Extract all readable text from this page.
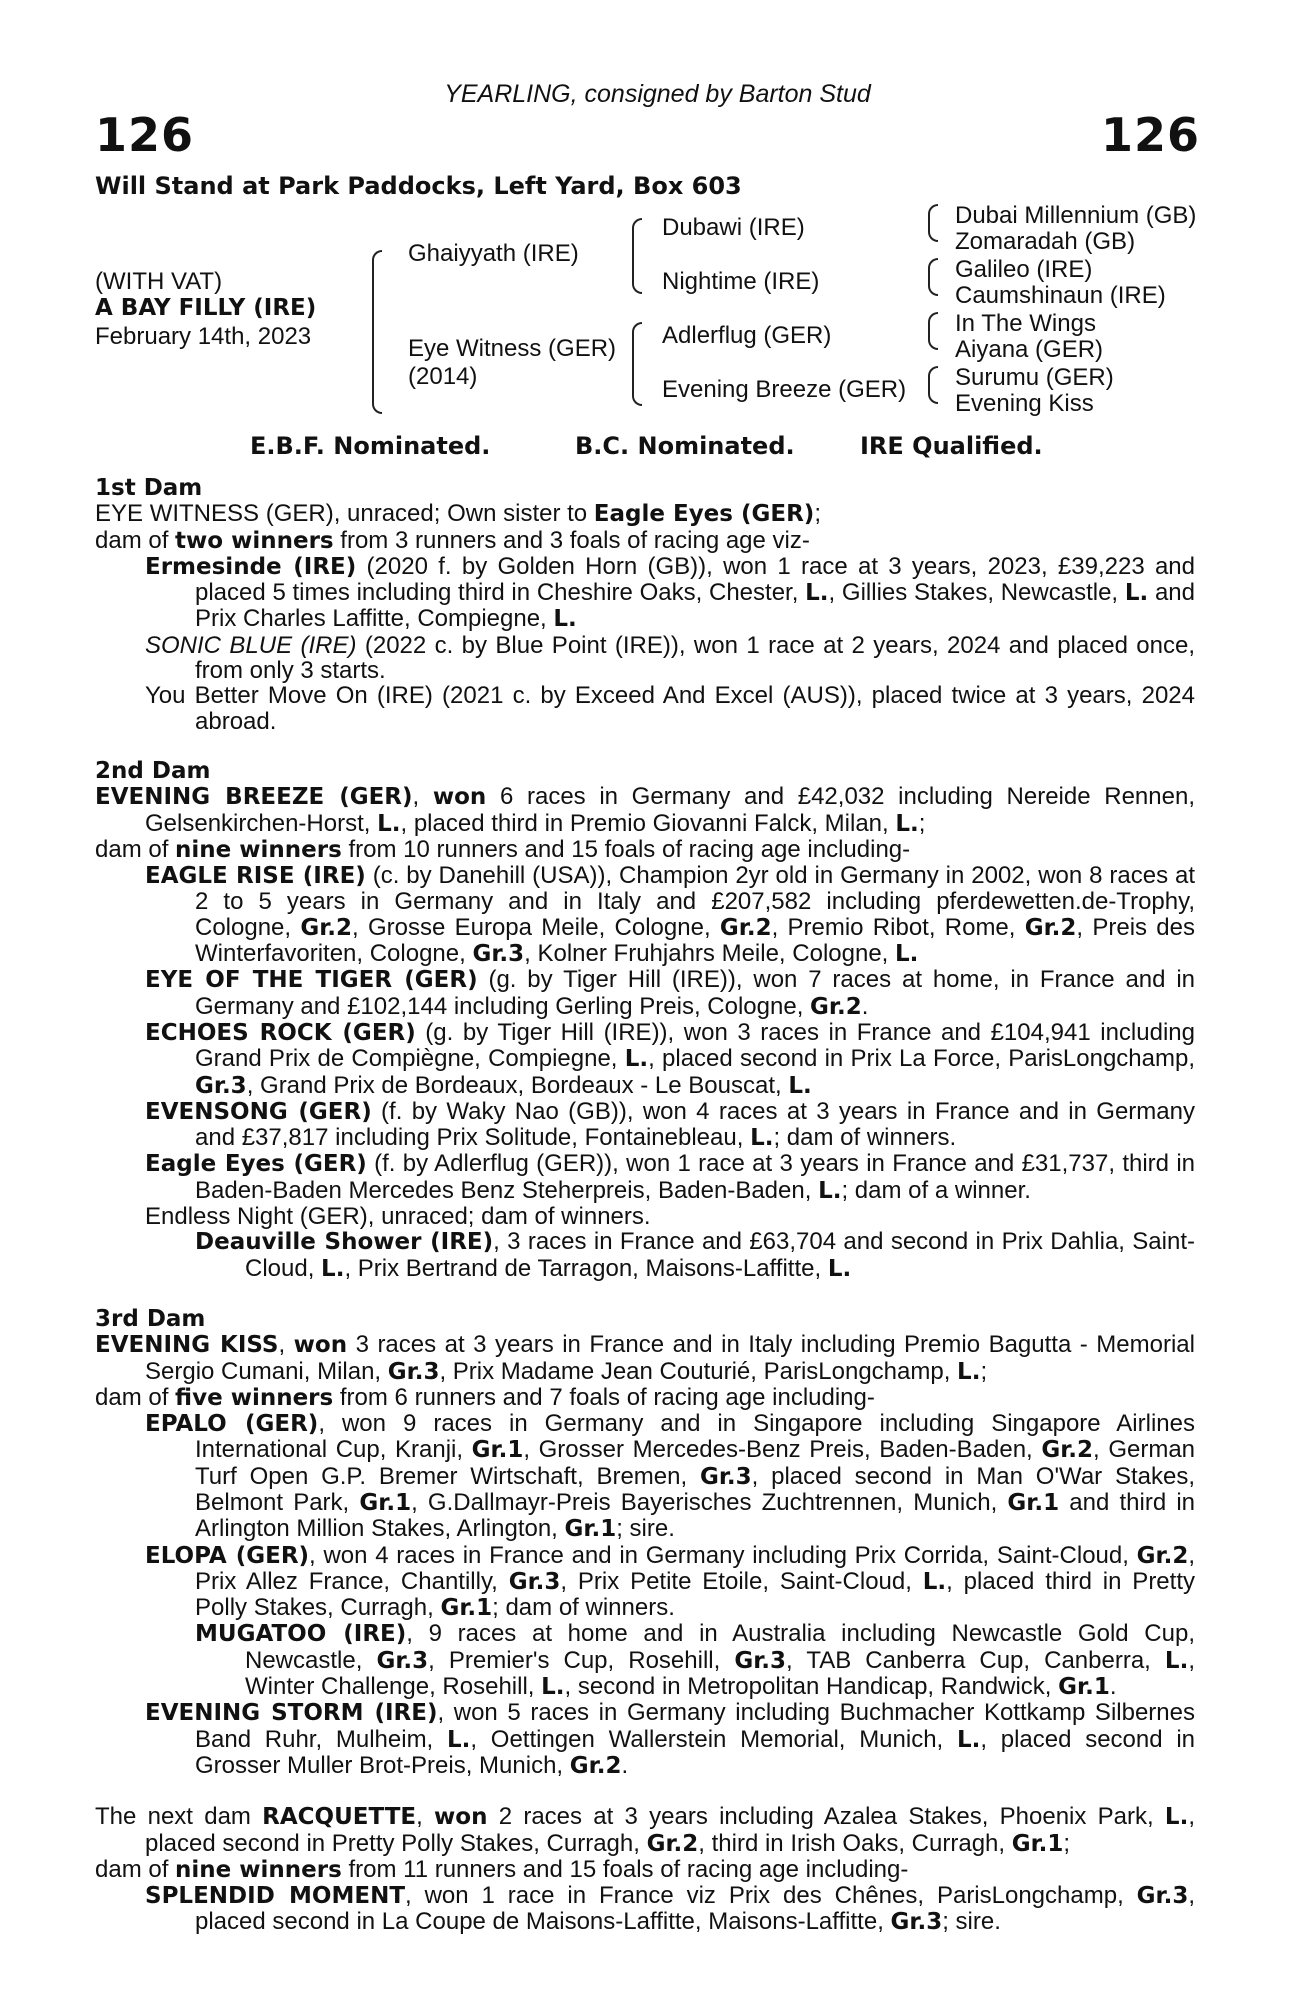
YEARLING, consigned by Barton Stud
126	126
Will Stand at Park Paddocks, Left Yard, Box 603
(WITH VAT)
A BAY FILLY (IRE)
February 14th, 2023
Ghaiyyath (IRE)
Eye Witness (GER)
(2014)
Dubawi (IRE)
Nightime (IRE)
Adlerflug (GER)
Evening Breeze (GER)
Dubai Millennium (GB)
Zomaradah (GB)
Galileo (IRE)
Caumshinaun (IRE)
In The Wings
Aiyana (GER)
Surumu (GER)
Evening Kiss
E.B.F. Nominated.	B.C. Nominated.	IRE Qualified.
1st Dam

EYE WITNESS (GER), unraced; Own sister to Eagle Eyes (GER);

dam of two winners from 3 runners and 3 foals of racing age viz-

Ermesinde (IRE) (2020 f. by Golden Horn (GB)), won 1 race at 3 years, 2023, £39,223 and placed 5 times including third in Cheshire Oaks, Chester, L., Gillies Stakes, Newcastle, L. and Prix Charles Laffitte, Compiegne, L.

SONIC BLUE (IRE) (2022 c. by Blue Point (IRE)), won 1 race at 2 years, 2024 and placed once, from only 3 starts.

You Better Move On (IRE) (2021 c. by Exceed And Excel (AUS)), placed twice at 3 years, 2024 abroad.

2nd Dam

EVENING BREEZE (GER), won 6 races in Germany and £42,032 including Nereide Rennen, Gelsenkirchen-Horst, L., placed third in Premio Giovanni Falck, Milan, L.;

dam of nine winners from 10 runners and 15 foals of racing age including-

EAGLE RISE (IRE) (c. by Danehill (USA)), Champion 2yr old in Germany in 2002, won 8 races at 2 to 5 years in Germany and in Italy and £207,582 including pferdewetten.de-Trophy, Cologne, Gr.2, Grosse Europa Meile, Cologne, Gr.2, Premio Ribot, Rome, Gr.2, Preis des Winterfavoriten, Cologne, Gr.3, Kolner Fruhjahrs Meile, Cologne, L.

EYE OF THE TIGER (GER) (g. by Tiger Hill (IRE)), won 7 races at home, in France and in Germany and £102,144 including Gerling Preis, Cologne, Gr.2.

ECHOES ROCK (GER) (g. by Tiger Hill (IRE)), won 3 races in France and £104,941 including Grand Prix de Compiègne, Compiegne, L., placed second in Prix La Force, ParisLongchamp, Gr.3, Grand Prix de Bordeaux, Bordeaux - Le Bouscat, L.

EVENSONG (GER) (f. by Waky Nao (GB)), won 4 races at 3 years in France and in Germany and £37,817 including Prix Solitude, Fontainebleau, L.; dam of winners.

Eagle Eyes (GER) (f. by Adlerflug (GER)), won 1 race at 3 years in France and £31,737, third in Baden-Baden Mercedes Benz Steherpreis, Baden-Baden, L.; dam of a winner.

Endless Night (GER), unraced; dam of winners.

Deauville Shower (IRE), 3 races in France and £63,704 and second in Prix Dahlia, Saint-Cloud, L., Prix Bertrand de Tarragon, Maisons-Laffitte, L.

3rd Dam

EVENING KISS, won 3 races at 3 years in France and in Italy including Premio Bagutta - Memorial Sergio Cumani, Milan, Gr.3, Prix Madame Jean Couturié, ParisLongchamp, L.;

dam of five winners from 6 runners and 7 foals of racing age including-

EPALO (GER), won 9 races in Germany and in Singapore including Singapore Airlines International Cup, Kranji, Gr.1, Grosser Mercedes-Benz Preis, Baden-Baden, Gr.2, German Turf Open G.P. Bremer Wirtschaft, Bremen, Gr.3, placed second in Man O'War Stakes, Belmont Park, Gr.1, G.Dallmayr-Preis Bayerisches Zuchtrennen, Munich, Gr.1 and third in Arlington Million Stakes, Arlington, Gr.1; sire.

ELOPA (GER), won 4 races in France and in Germany including Prix Corrida, Saint-Cloud, Gr.2, Prix Allez France, Chantilly, Gr.3, Prix Petite Etoile, Saint-Cloud, L., placed third in Pretty Polly Stakes, Curragh, Gr.1; dam of winners.

MUGATOO (IRE), 9 races at home and in Australia including Newcastle Gold Cup, Newcastle, Gr.3, Premier's Cup, Rosehill, Gr.3, TAB Canberra Cup, Canberra, L., Winter Challenge, Rosehill, L., second in Metropolitan Handicap, Randwick, Gr.1.

EVENING STORM (IRE), won 5 races in Germany including Buchmacher Kottkamp Silbernes Band Ruhr, Mulheim, L., Oettingen Wallerstein Memorial, Munich, L., placed second in Grosser Muller Brot-Preis, Munich, Gr.2.

The next dam RACQUETTE, won 2 races at 3 years including Azalea Stakes, Phoenix Park, L., placed second in Pretty Polly Stakes, Curragh, Gr.2, third in Irish Oaks, Curragh, Gr.1;

dam of nine winners from 11 runners and 15 foals of racing age including-

SPLENDID MOMENT, won 1 race in France viz Prix des Chênes, ParisLongchamp, Gr.3, placed second in La Coupe de Maisons-Laffitte, Maisons-Laffitte, Gr.3; sire.
